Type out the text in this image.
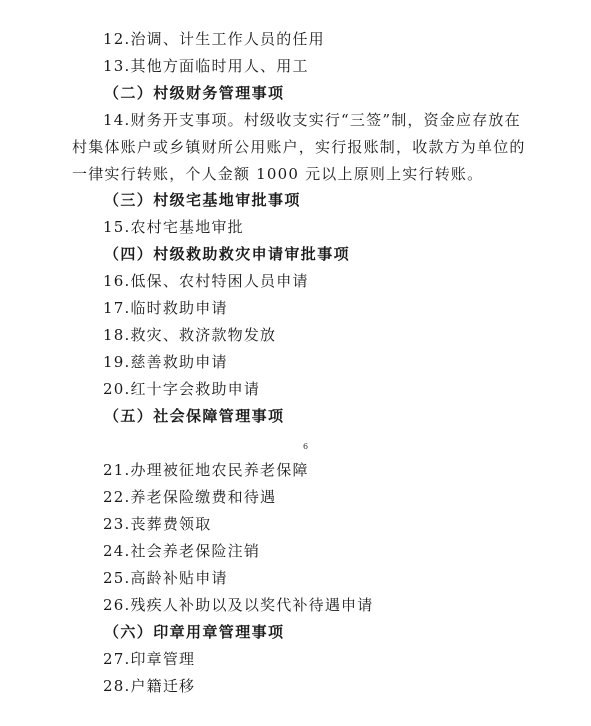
12.治调、计生工作人员的任用
13.其他方面临时用人、用工
（二）村级财务管理事项
14.财务开支事项。村级收支实行“三签”制，资金应存放在
村集体账户或乡镇财所公用账户，实行报账制，收款方为单位的
一律实行转账，个人金额 1000 元以上原则上实行转账。
（三）村级宅基地审批事项
15.农村宅基地审批
（四）村级救助救灾申请审批事项
16.低保、农村特困人员申请
17.临时救助申请
18.救灾、救济款物发放
19.慈善救助申请
20.红十字会救助申请
（五）社会保障管理事项
6
21.办理被征地农民养老保障
22.养老保险缴费和待遇
23.丧葬费领取
24.社会养老保险注销
25.高龄补贴申请
26.残疾人补助以及以奖代补待遇申请
（六）印章用章管理事项
27.印章管理
28.户籍迁移
